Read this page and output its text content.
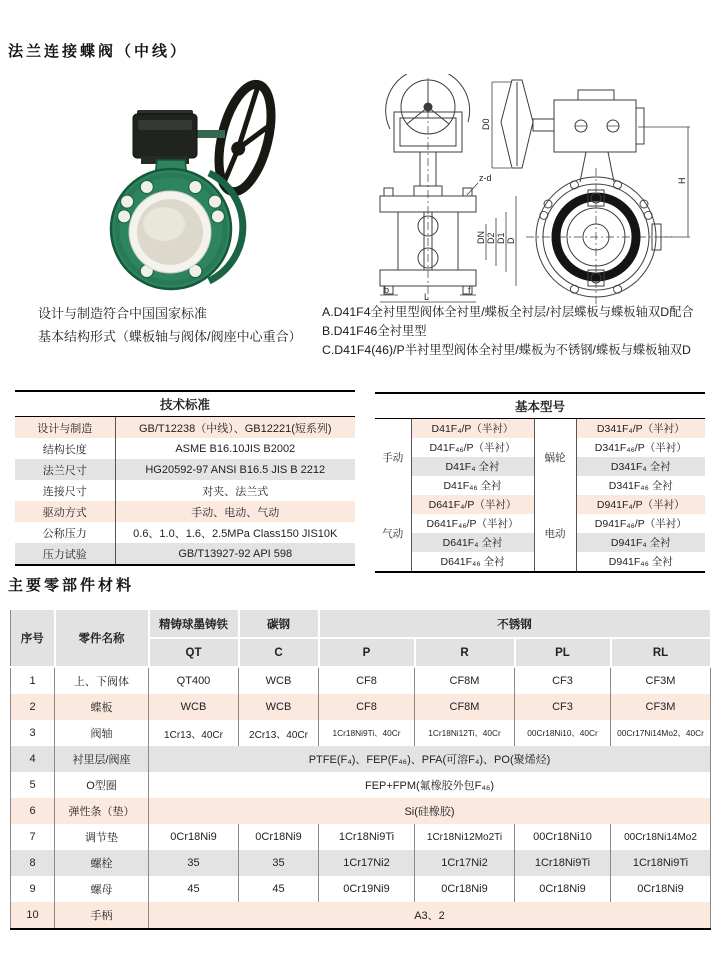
法兰连接蝶阀（中线）
z-d
DN D2 D1 D
b	f
L
D0
H
设计与制造符合中国国家标准
基本结构形式（蝶板轴与阀体/阀座中心重合）
A.D41F4全衬里型阀体全衬里/蝶板全衬层/衬层蝶板与蝶板轴双D配合
B.D41F46全衬里型
C.D41F4(46)/P半衬里型阀体全衬里/蝶板为不锈钢/蝶板与蝶板轴双D
技术标准	
设计与制造	GB/T12238（中线）、GB12221(短系列)
结构长度	ASME B16.10JIS B2002
法兰尺寸	HG20592-97 ANSI B16.5 JIS B 2212
连接尺寸	对夹、法兰式
驱动方式	手动、电动、气动
公称压力	0.6、1.0、1.6、2.5MPa Class150 JIS10K
压力试验	GB/T13927-92 API 598
基本型号			
手动	D41F₄/P（半衬）	蜗轮	D341F₄/P（半衬）
	D41F₄₆/P（半衬）		D341F₄₆/P（半衬）
	D41F₄ 全衬		D341F₄ 全衬
	D41F₄₆ 全衬		D341F₄₆ 全衬
气动	D641F₄/P（半衬）	电动	D941F₄/P（半衬）
	D641F₄₆/P（半衬）		D941F₄₆/P（半衬）
	D641F₄ 全衬		D941F₄ 全衬
	D641F₄₆ 全衬		D941F₄₆ 全衬
主要零部件材料
序号	零件名称	精铸球墨铸铁	碳钢	不锈钢			
		QT	C	P	R	PL	RL
1	上、下阀体	QT400	WCB	CF8	CF8M	CF3	CF3M
2	蝶板	WCB	WCB	CF8	CF8M	CF3	CF3M
3	阀轴	1Cr13、40Cr	2Cr13、40Cr	1Cr18Ni9Ti、40Cr	1Cr18Ni12Ti、40Cr	00Cr18Ni10、40Cr	00Cr17Ni14Mo2、40Cr
4	衬里层/阀座	PTFE(F₄)、FEP(F₄₆)、PFA(可溶F₄)、PO(聚烯烃)					
5	O型圈	FEP+FPM(氟橡胶外包F₄₆)					
6	弹性条（垫）	Si(硅橡胶)					
7	调节垫	0Cr18Ni9	0Cr18Ni9	1Cr18Ni9Ti	1Cr18Ni12Mo2Ti	00Cr18Ni10	00Cr18Ni14Mo2
8	螺栓	35	35	1Cr17Ni2	1Cr17Ni2	1Cr18Ni9Ti	1Cr18Ni9Ti
9	螺母	45	45	0Cr19Ni9	0Cr18Ni9	0Cr18Ni9	0Cr18Ni9
10	手柄	A3、2					
